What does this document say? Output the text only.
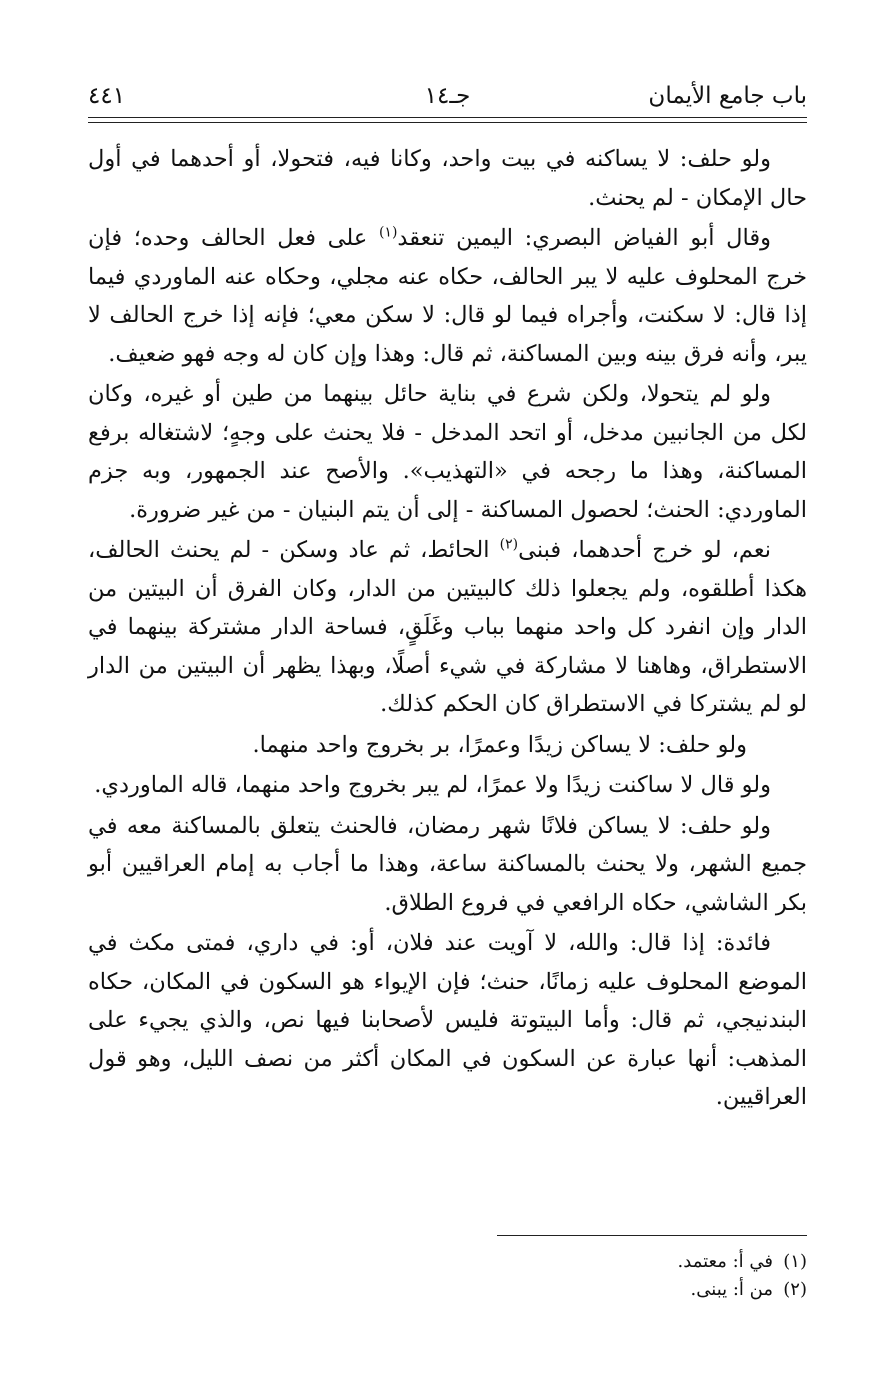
باب جامع الأيمان
جـ١٤
٤٤١

ولو حلف: لا يساكنه في بيت واحد، وكانا فيه، فتحولا، أو أحدهما في أول حال الإمكان - لم يحنث.

وقال أبو الفياض البصري: اليمين تنعقد$^{(١)}$ على فعل الحالف وحده؛ فإن خرج المحلوف عليه لا يبر الحالف، حكاه عنه مجلي، وحكاه عنه الماوردي فيما إذا قال: لا سكنت، وأجراه فيما لو قال: لا سكن معي؛ فإنه إذا خرج الحالف لا يبر، وأنه فرق بينه وبين المساكنة، ثم قال: وهذا وإن كان له وجه فهو ضعيف.

ولو لم يتحولا، ولكن شرع في بناية حائل بينهما من طين أو غيره، وكان لكل من الجانبين مدخل، أو اتحد المدخل - فلا يحنث على وجهٍ؛ لاشتغاله برفع المساكنة، وهذا ما رجحه في «التهذيب». والأصح عند الجمهور، وبه جزم الماوردي: الحنث؛ لحصول المساكنة - إلى أن يتم البنيان - من غير ضرورة.

نعم، لو خرج أحدهما، فبنى$^{(٢)}$ الحائط، ثم عاد وسكن - لم يحنث الحالف، هكذا أطلقوه، ولم يجعلوا ذلك كالبيتين من الدار، وكان الفرق أن البيتين من الدار وإن انفرد كل واحد منهما بباب وغَلَقٍ، فساحة الدار مشتركة بينهما في الاستطراق، وهاهنا لا مشاركة في شيء أصلًا، وبهذا يظهر أن البيتين من الدار لو لم يشتركا في الاستطراق كان الحكم كذلك.

ولو حلف: لا يساكن زيدًا وعمرًا، بر بخروج واحد منهما.

ولو قال لا ساكنت زيدًا ولا عمرًا، لم يبر بخروج واحد منهما، قاله الماوردي.

ولو حلف: لا يساكن فلانًا شهر رمضان، فالحنث يتعلق بالمساكنة معه في جميع الشهر، ولا يحنث بالمساكنة ساعة، وهذا ما أجاب به إمام العراقيين أبو بكر الشاشي، حكاه الرافعي في فروع الطلاق.

فائدة: إذا قال: والله، لا آويت عند فلان، أو: في داري، فمتى مكث في الموضع المحلوف عليه زمانًا، حنث؛ فإن الإيواء هو السكون في المكان، حكاه البندنيجي، ثم قال: وأما البيتوتة فليس لأصحابنا فيها نص، والذي يجيء على المذهب: أنها عبارة عن السكون في المكان أكثر من نصف الليل، وهو قول العراقيين.

(١)في أ: معتمد.
(٢)من أ: يبنى.
